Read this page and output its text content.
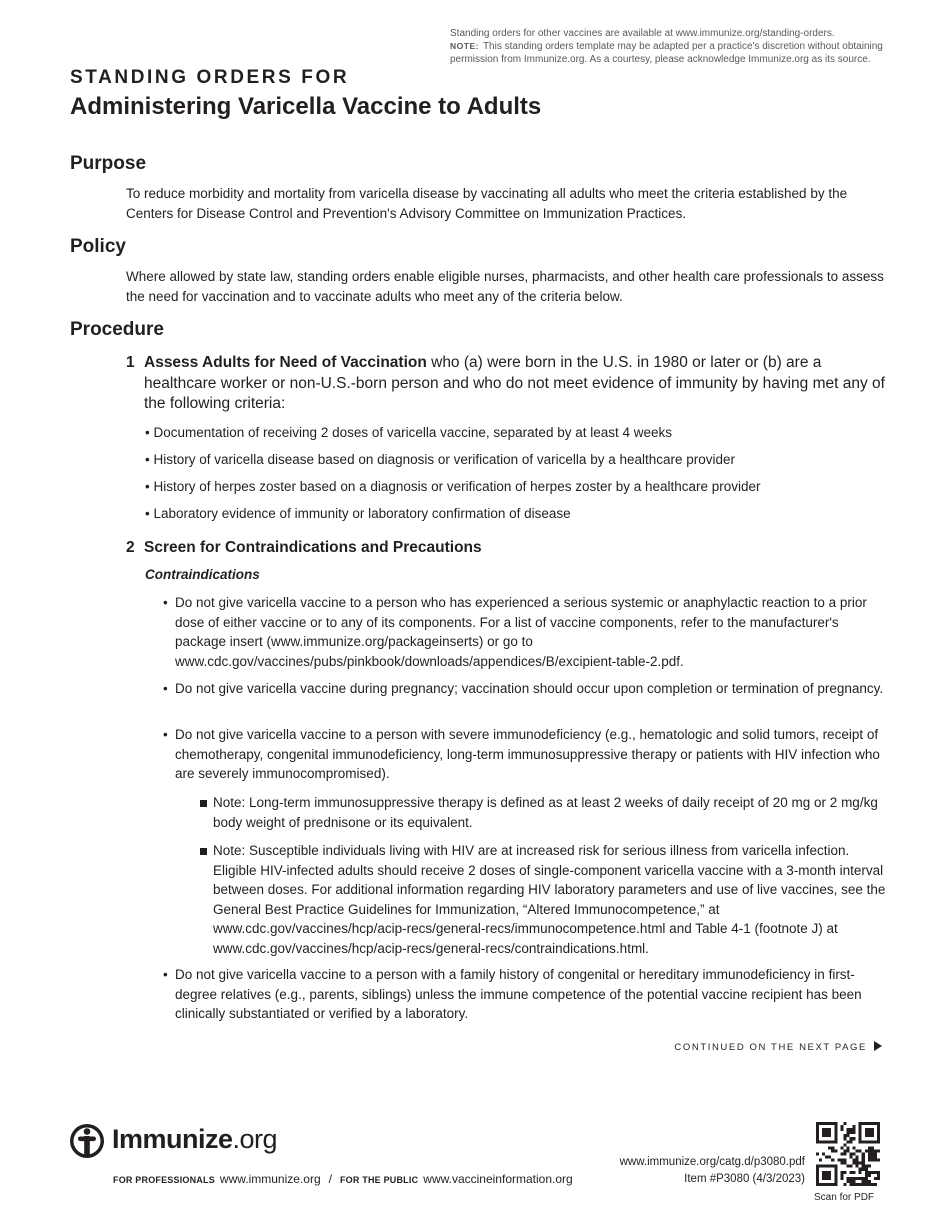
Standing orders for other vaccines are available at www.immunize.org/standing-orders.
NOTE: This standing orders template may be adapted per a practice's discretion without obtaining permission from Immunize.org. As a courtesy, please acknowledge Immunize.org as its source.
STANDING ORDERS FOR
Administering Varicella Vaccine to Adults
Purpose
To reduce morbidity and mortality from varicella disease by vaccinating all adults who meet the criteria established by the Centers for Disease Control and Prevention's Advisory Committee on Immunization Practices.
Policy
Where allowed by state law, standing orders enable eligible nurses, pharmacists, and other health care professionals to assess the need for vaccination and to vaccinate adults who meet any of the criteria below.
Procedure
1 Assess Adults for Need of Vaccination who (a) were born in the U.S. in 1980 or later or (b) are a healthcare worker or non-U.S.-born person and who do not meet evidence of immunity by having met any of the following criteria:
• Documentation of receiving 2 doses of varicella vaccine, separated by at least 4 weeks
• History of varicella disease based on diagnosis or verification of varicella by a healthcare provider
• History of herpes zoster based on a diagnosis or verification of herpes zoster by a healthcare provider
• Laboratory evidence of immunity or laboratory confirmation of disease
2 Screen for Contraindications and Precautions
Contraindications
• Do not give varicella vaccine to a person who has experienced a serious systemic or anaphylactic reaction to a prior dose of either vaccine or to any of its components. For a list of vaccine components, refer to the manufacturer's package insert (www.immunize.org/packageinserts) or go to www.cdc.gov/vaccines/pubs/pinkbook/downloads/appendices/B/excipient-table-2.pdf.
• Do not give varicella vaccine during pregnancy; vaccination should occur upon completion or termination of pregnancy.
• Do not give varicella vaccine to a person with severe immunodeficiency (e.g., hematologic and solid tumors, receipt of chemotherapy, congenital immunodeficiency, long-term immunosuppressive therapy or patients with HIV infection who are severely immunocompromised).
Note: Long-term immunosuppressive therapy is defined as at least 2 weeks of daily receipt of 20 mg or 2 mg/kg body weight of prednisone or its equivalent.
Note: Susceptible individuals living with HIV are at increased risk for serious illness from varicella infection. Eligible HIV-infected adults should receive 2 doses of single-component varicella vaccine with a 3-month interval between doses. For additional information regarding HIV laboratory parameters and use of live vaccines, see the General Best Practice Guidelines for Immunization, “Altered Immunocompetence,” at www.cdc.gov/vaccines/hcp/acip-recs/general-recs/immunocompetence.html and Table 4-1 (footnote J) at www.cdc.gov/vaccines/hcp/acip-recs/general-recs/contraindications.html.
• Do not give varicella vaccine to a person with a family history of congenital or hereditary immunodeficiency in first-degree relatives (e.g., parents, siblings) unless the immune competence of the potential vaccine recipient has been clinically substantiated or verified by a laboratory.
CONTINUED ON THE NEXT PAGE
Immunize.org
FOR PROFESSIONALS www.immunize.org / FOR THE PUBLIC www.vaccineinformation.org
www.immunize.org/catg.d/p3080.pdf
Item #P3080 (4/3/2023)
Scan for PDF
